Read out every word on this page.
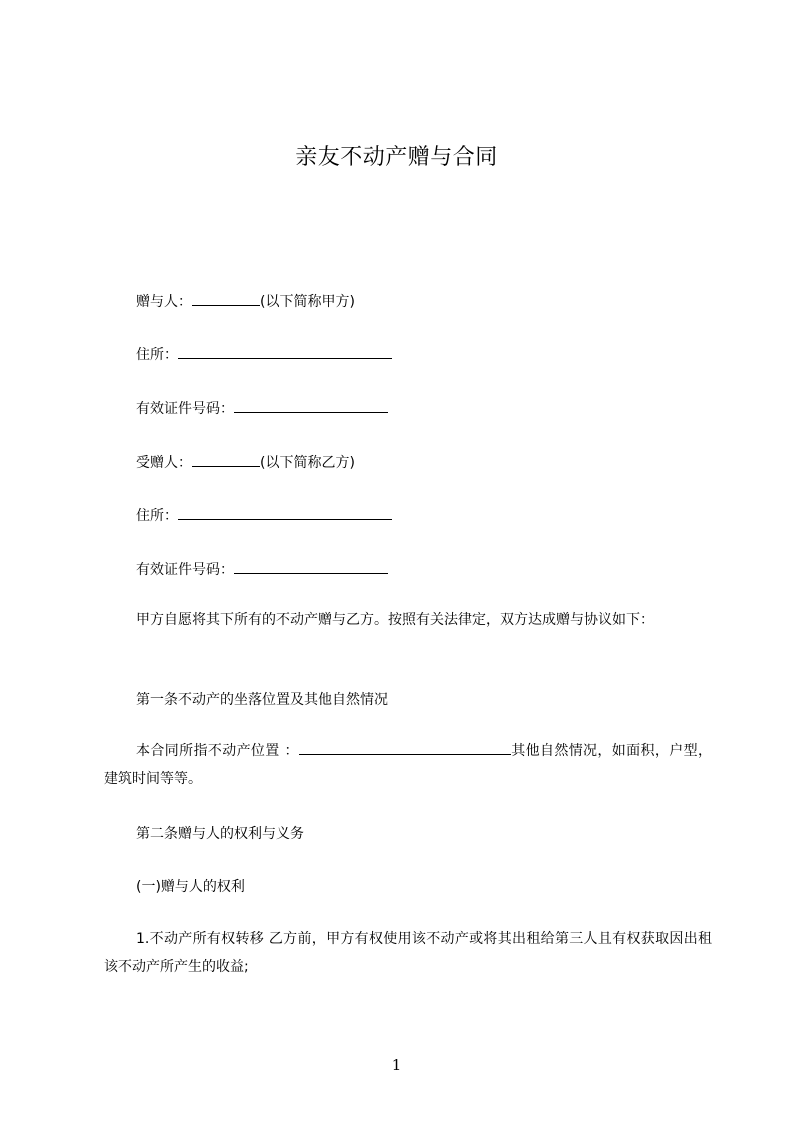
亲友不动产赠与合同
赠与人：	(以下简称甲方)
住所：
有效证件号码：
受赠人：	(以下简称乙方)
住所：
有效证件号码：
甲方自愿将其下所有的不动产赠与乙方。按照有关法律定，双方达成赠与协议如下：
第一条不动产的坐落位置及其他自然情况
本合同所指不动产位置 ：	其他自然情况，如面积，户型，建筑时间等等。
第二条赠与人的权利与义务
(一)赠与人的权利
1.不动产所有权转移 乙方前，甲方有权使用该不动产或将其出租给第三人且有权获取因出租该不动产所产生的收益;
1
